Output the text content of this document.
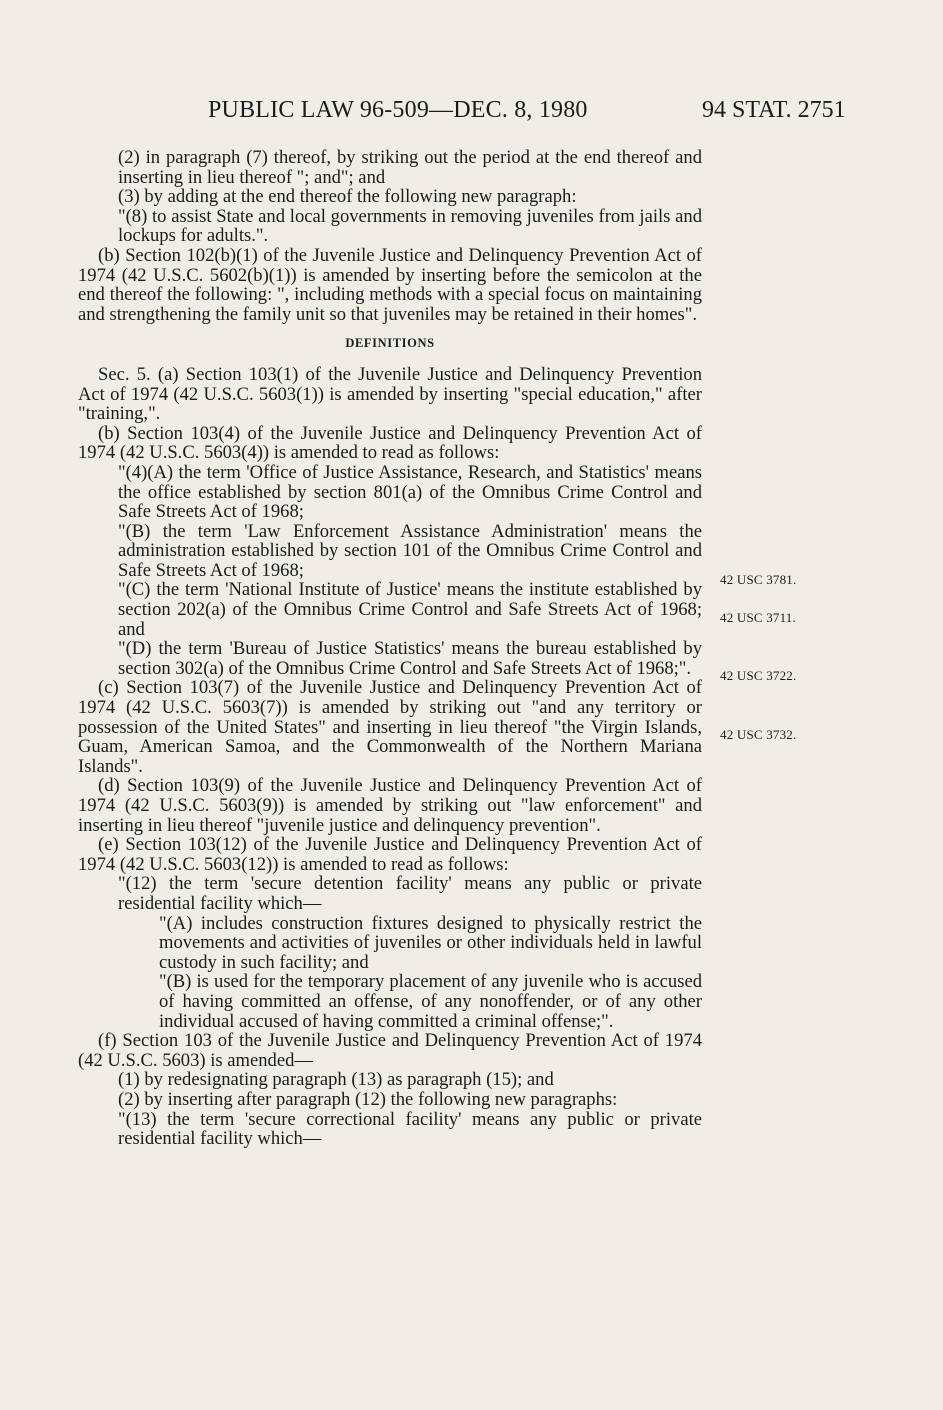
PUBLIC LAW 96-509—DEC. 8, 1980	94 STAT. 2751

(2) in paragraph (7) thereof, by striking out the period at the end thereof and inserting in lieu thereof "; and"; and

(3) by adding at the end thereof the following new paragraph:

"(8) to assist State and local governments in removing juveniles from jails and lockups for adults.".

(b) Section 102(b)(1) of the Juvenile Justice and Delinquency Prevention Act of 1974 (42 U.S.C. 5602(b)(1)) is amended by inserting before the semicolon at the end thereof the following: ", including methods with a special focus on maintaining and strengthening the family unit so that juveniles may be retained in their homes".

DEFINITIONS

Sec. 5. (a) Section 103(1) of the Juvenile Justice and Delinquency Prevention Act of 1974 (42 U.S.C. 5603(1)) is amended by inserting "special education," after "training,".

(b) Section 103(4) of the Juvenile Justice and Delinquency Prevention Act of 1974 (42 U.S.C. 5603(4)) is amended to read as follows:

"(4)(A) the term 'Office of Justice Assistance, Research, and Statistics' means the office established by section 801(a) of the Omnibus Crime Control and Safe Streets Act of 1968;

"(B) the term 'Law Enforcement Assistance Administration' means the administration established by section 101 of the Omnibus Crime Control and Safe Streets Act of 1968;

"(C) the term 'National Institute of Justice' means the institute established by section 202(a) of the Omnibus Crime Control and Safe Streets Act of 1968; and

"(D) the term 'Bureau of Justice Statistics' means the bureau established by section 302(a) of the Omnibus Crime Control and Safe Streets Act of 1968;".

(c) Section 103(7) of the Juvenile Justice and Delinquency Prevention Act of 1974 (42 U.S.C. 5603(7)) is amended by striking out "and any territory or possession of the United States" and inserting in lieu thereof "the Virgin Islands, Guam, American Samoa, and the Commonwealth of the Northern Mariana Islands".

(d) Section 103(9) of the Juvenile Justice and Delinquency Prevention Act of 1974 (42 U.S.C. 5603(9)) is amended by striking out "law enforcement" and inserting in lieu thereof "juvenile justice and delinquency prevention".

(e) Section 103(12) of the Juvenile Justice and Delinquency Prevention Act of 1974 (42 U.S.C. 5603(12)) is amended to read as follows:

"(12) the term 'secure detention facility' means any public or private residential facility which—

"(A) includes construction fixtures designed to physically restrict the movements and activities of juveniles or other individuals held in lawful custody in such facility; and

"(B) is used for the temporary placement of any juvenile who is accused of having committed an offense, of any nonoffender, or of any other individual accused of having committed a criminal offense;".

(f) Section 103 of the Juvenile Justice and Delinquency Prevention Act of 1974 (42 U.S.C. 5603) is amended—

(1) by redesignating paragraph (13) as paragraph (15); and

(2) by inserting after paragraph (12) the following new paragraphs:

"(13) the term 'secure correctional facility' means any public or private residential facility which—

42 USC 3781.
42 USC 3711.
42 USC 3722.
42 USC 3732.
